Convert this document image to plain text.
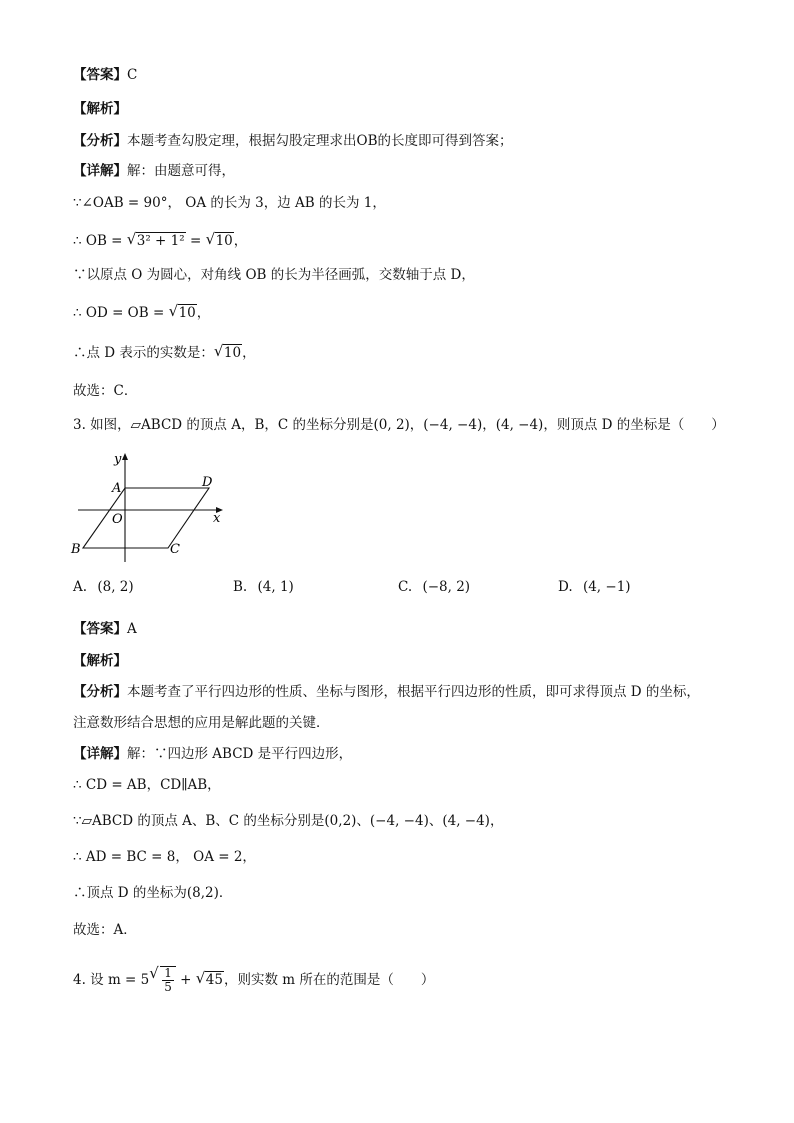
【答案】C
【解析】
【分析】本题考查勾股定理，根据勾股定理求出OB的长度即可得到答案；
【详解】解：由题意可得，
∵∠OAB = 90°， OA 的长为 3，边 AB 的长为 1，
∴ OB = √ 3² + 1² = √ 10，
∵以原点 O 为圆心，对角线 OB 的长为半径画弧，交数轴于点 D，
∴ OD = OB = √ 10，
∴点 D 表示的实数是： √ 10，
故选：C．
3. 如图，▱ABCD 的顶点 A，B，C 的坐标分别是(0, 2)，(−4, −4)，(4, −4)，则顶点 D 的坐标是（　　）
y
x
A	D
O
B	C
A. (8, 2)	B. (4, 1)	C. (−8, 2)	D. (4, −1)
【答案】A
【解析】
【分析】本题考查了平行四边形的性质、坐标与图形，根据平行四边形的性质，即可求得顶点 D 的坐标，
注意数形结合思想的应用是解此题的关键．
【详解】解：∵四边形 ABCD 是平行四边形，
∴ CD = AB，CD∥AB，
∵▱ABCD 的顶点 A、B、C 的坐标分别是(0,2)、(−4, −4)、(4, −4)，
∴ AD = BC = 8， OA = 2，
∴顶点 D 的坐标为(8,2)．
故选：A．
4. 设 m = 5 √ $\frac{1}{5}$ + √ 45，则实数 m 所在的范围是（　　）
